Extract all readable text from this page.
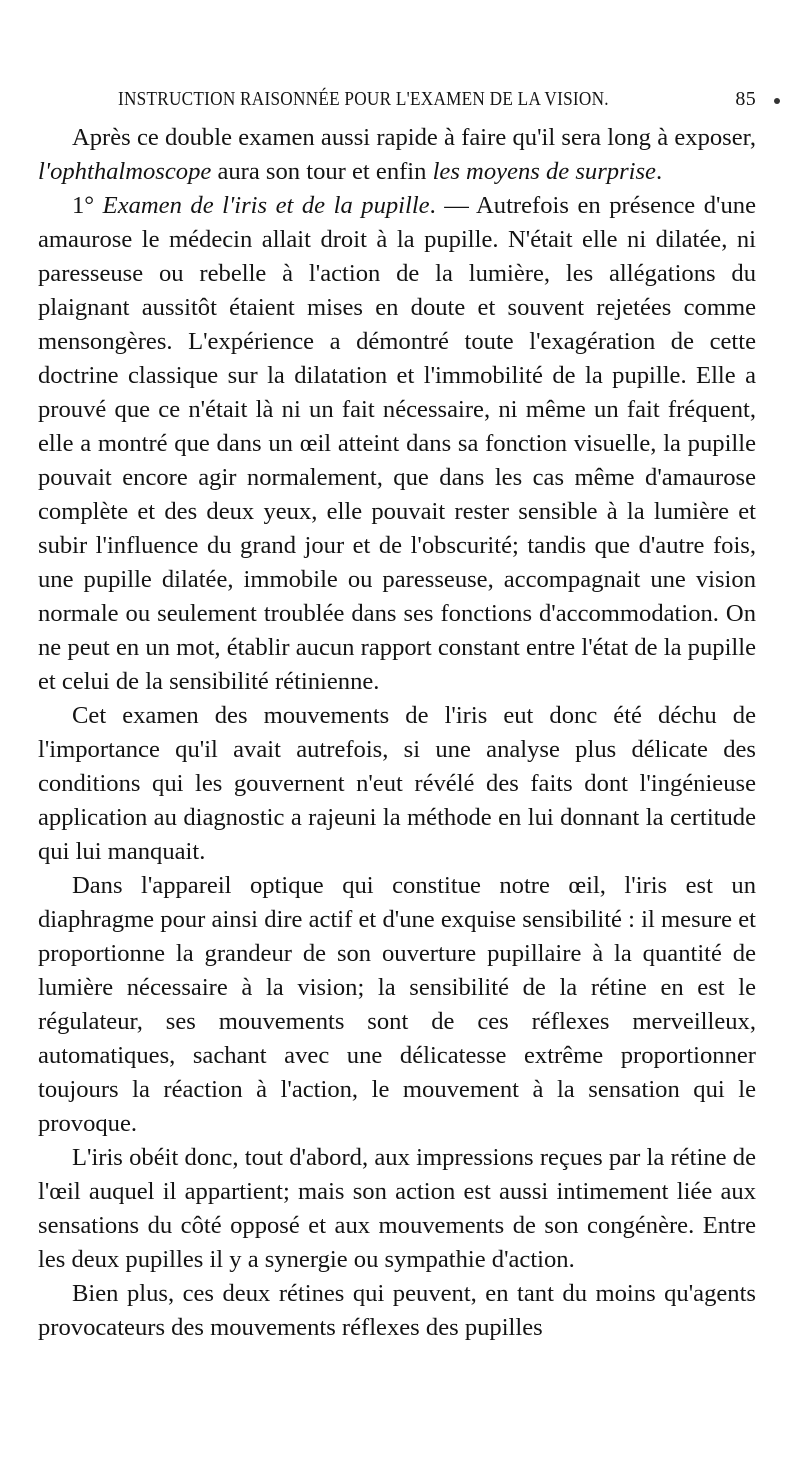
INSTRUCTION RAISONNÉE POUR L'EXAMEN DE LA VISION.	85

Après ce double examen aussi rapide à faire qu'il sera long à exposer, l'ophthalmoscope aura son tour et enfin les moyens de surprise.

1° Examen de l'iris et de la pupille. — Autrefois en présence d'une amaurose le médecin allait droit à la pupille. N'était elle ni dilatée, ni paresseuse ou rebelle à l'action de la lumière, les allégations du plaignant aussitôt étaient mises en doute et souvent rejetées comme mensongères. L'expérience a démontré toute l'exagération de cette doctrine classique sur la dilatation et l'immobilité de la pupille. Elle a prouvé que ce n'était là ni un fait nécessaire, ni même un fait fréquent, elle a montré que dans un œil atteint dans sa fonction visuelle, la pupille pouvait encore agir normalement, que dans les cas même d'amaurose complète et des deux yeux, elle pouvait rester sensible à la lumière et subir l'influence du grand jour et de l'obscurité; tandis que d'autre fois, une pupille dilatée, immobile ou paresseuse, accompagnait une vision normale ou seulement troublée dans ses fonctions d'accommodation. On ne peut en un mot, établir aucun rapport constant entre l'état de la pupille et celui de la sensibilité rétinienne.

Cet examen des mouvements de l'iris eut donc été déchu de l'importance qu'il avait autrefois, si une analyse plus délicate des conditions qui les gouvernent n'eut révélé des faits dont l'ingénieuse application au diagnostic a rajeuni la méthode en lui donnant la certitude qui lui manquait.

Dans l'appareil optique qui constitue notre œil, l'iris est un diaphragme pour ainsi dire actif et d'une exquise sensibilité : il mesure et proportionne la grandeur de son ouverture pupillaire à la quantité de lumière nécessaire à la vision; la sensibilité de la rétine en est le régulateur, ses mouvements sont de ces réflexes merveilleux, automatiques, sachant avec une délicatesse extrême proportionner toujours la réaction à l'action, le mouvement à la sensation qui le provoque.

L'iris obéit donc, tout d'abord, aux impressions reçues par la rétine de l'œil auquel il appartient; mais son action est aussi intimement liée aux sensations du côté opposé et aux mouvements de son congénère. Entre les deux pupilles il y a synergie ou sympathie d'action.

Bien plus, ces deux rétines qui peuvent, en tant du moins qu'agents provocateurs des mouvements réflexes des pupilles
